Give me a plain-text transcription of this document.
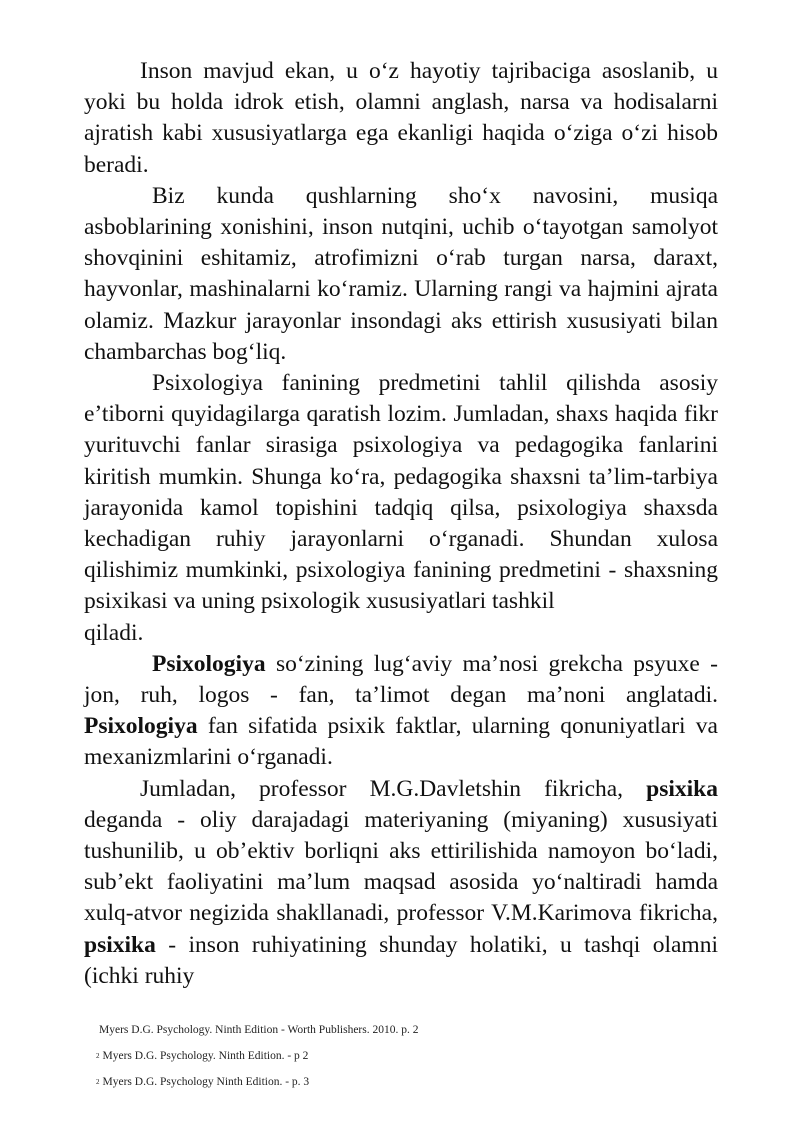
Inson mavjud ekan, u o‘z hayotiy tajribaciga asoslanib, u yoki bu holda idrok etish, olamni anglash, narsa va hodisalarni ajratish kabi xususiyatlarga ega ekanligi haqida o‘ziga o‘zi hisob beradi.

Biz kunda qushlarning sho‘x navosini, musiqa asboblarining xonishini, inson nutqini, uchib o‘tayotgan samolyot shovqinini eshitamiz, atrofimizni o‘rab turgan narsa, daraxt, hayvonlar, mashinalarni ko‘ramiz. Ularning rangi va hajmini ajrata olamiz. Mazkur jarayonlar insondagi aks ettirish xususiyati bilan chambarchas bog‘liq.

Psixologiya fanining predmetini tahlil qilishda asosiy e’tiborni quyidagilarga qaratish lozim. Jumladan, shaxs haqida fikr yurituvchi fanlar sirasiga psixologiya va pedagogika fanlarini kiritish mumkin. Shunga ko‘ra, pedagogika shaxsni ta’lim-tarbiya jarayonida kamol topishini tadqiq qilsa, psixologiya shaxsda kechadigan ruhiy jarayonlarni o‘rganadi. Shundan xulosa qilishimiz mumkinki, psixologiya fanining predmetini - shaxsning psixikasi va uning psixologik xususiyatlari tashkil

qiladi.

Psixologiya so‘zining lug‘aviy ma’nosi grekcha psyuxe - jon, ruh, logos - fan, ta’limot degan ma’noni anglatadi. Psixologiya fan sifatida psixik faktlar, ularning qonuniyatlari va mexanizmlarini o‘rganadi.

Jumladan, professor M.G.Davletshin fikricha, psixika deganda - oliy darajadagi materiyaning (miyaning) xususiyati tushunilib, u ob’ektiv borliqni aks ettirilishida namoyon bo‘ladi, sub’ekt faoliyatini ma’lum maqsad asosida yo‘naltiradi hamda xulq-atvor negizida shakllanadi, professor V.M.Karimova fikricha, psixika - inson ruhiyatining shunday holatiki, u tashqi olamni (ichki ruhiy

Myers D.G. Psychology. Ninth Edition - Worth Publishers. 2010. p. 2

$^2$ Myers D.G. Psychology. Ninth Edition. - p 2

$^2$ Myers D.G. Psychology Ninth Edition. - p. 3
